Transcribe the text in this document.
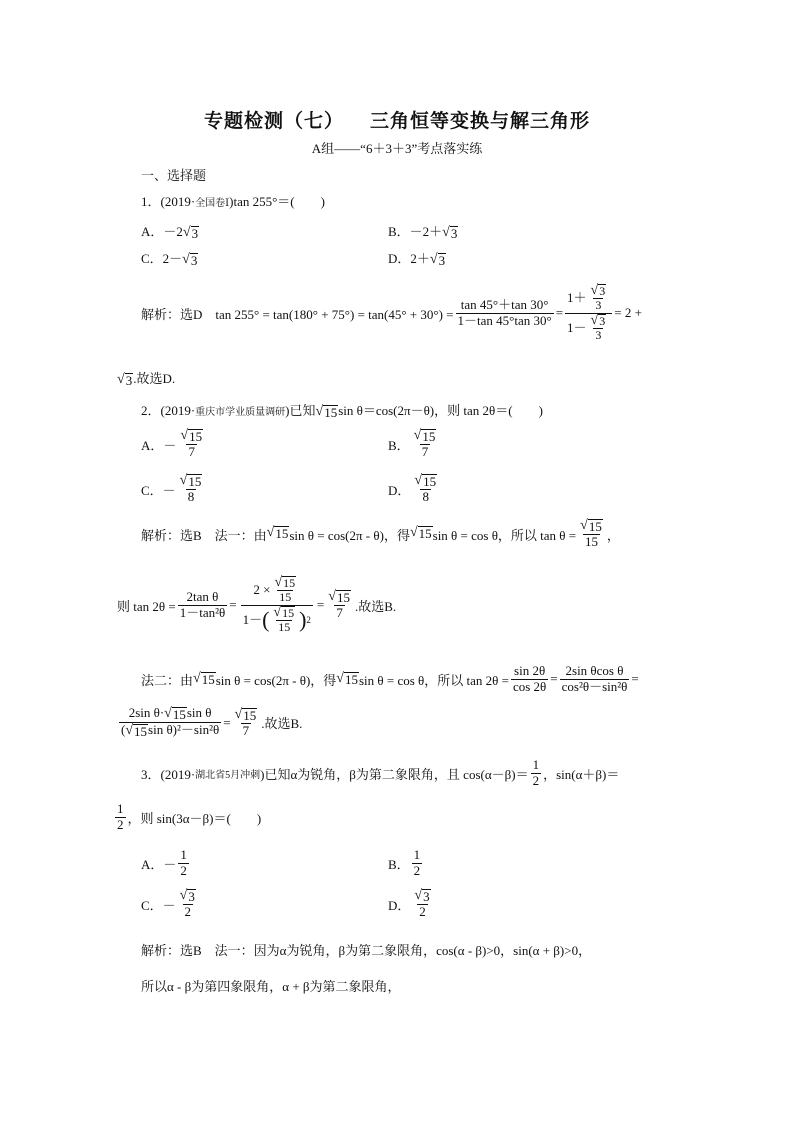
专题检测（七） 三角恒等变换与解三角形
A组——“6＋3＋3”考点落实练
一、选择题
1．(2019·全国卷Ⅰ)tan 255°＝(　　)
A．－2 √ 3	B．－2＋ √ 3
C．2－ √ 3	D．2＋ √ 3
解析：选D　$\tan 255^\circ = \tan(180^\circ + 75^\circ) = \tan(45^\circ + 30^\circ) = \frac{\tan 45^\circ+\tan 30^\circ}{1-\tan 45^\circ\tan 30^\circ} = \frac{1+ \frac{√ 3}{3}}{1- \frac{√ 3}{3}} = 2$ +
√ 3 .故选D.
2．(2019·重庆市学业质量调研)已知 √ 15 sin θ＝cos(2π－θ)，则 tan 2θ＝(　　)
A．－ $\frac{√ 15}{7}$	B． $\frac{√ 15}{7}$
C．－ $\frac{√ 15}{8}$	D． $\frac{√ 15}{8}$
解析：选B　法一：由 √ 15 sin θ = cos(2π - θ)，得 √ 15 sin θ = cos θ，所以 $\tan \theta = \frac{√ 15}{15}$ ，
则 $\tan 2\theta = \frac{\text{2tan θ}}{\text{1－tan²θ}} = \frac{2 \times \frac{√ 15}{15}}{1- ( \frac{√ 15}{15} ) 2} = \frac{√ 15}{7}$ .故选B.
法二：由 √ 15 sin θ = cos(2π - θ)，得 √ 15 sin θ = cos θ，所以 $\tan 2\theta = \frac{\sin 2\theta}{\cos 2\theta} = \frac{\text{2sin θcos θ}}{\text{cos²θ－sin²θ}}$ =
$\frac{\text{2sin θ· √ 15 sin θ}}{\text{( √ 15 sin θ)²－sin²θ}} = \frac{√ 15}{7}$ .故选B.
3．(2019· 湖北省5月冲刺 )已知α为锐角，β为第二象限角，且 $\cos(\alpha-\beta)= \frac{1}{2}$ ，sin(α＋β)＝
$\frac{1}{2}$ ，则 sin(3α－β)＝(　　)
A．－ $\frac{1}{2}$	B． $\frac{1}{2}$
C．－ $\frac{√ 3}{2}$	D． $\frac{√ 3}{2}$
解析：选B　法一：因为α为锐角，β为第二象限角，cos(α - β)>0，sin(α + β)>0，
所以α - β为第四象限角，α + β为第二象限角，
